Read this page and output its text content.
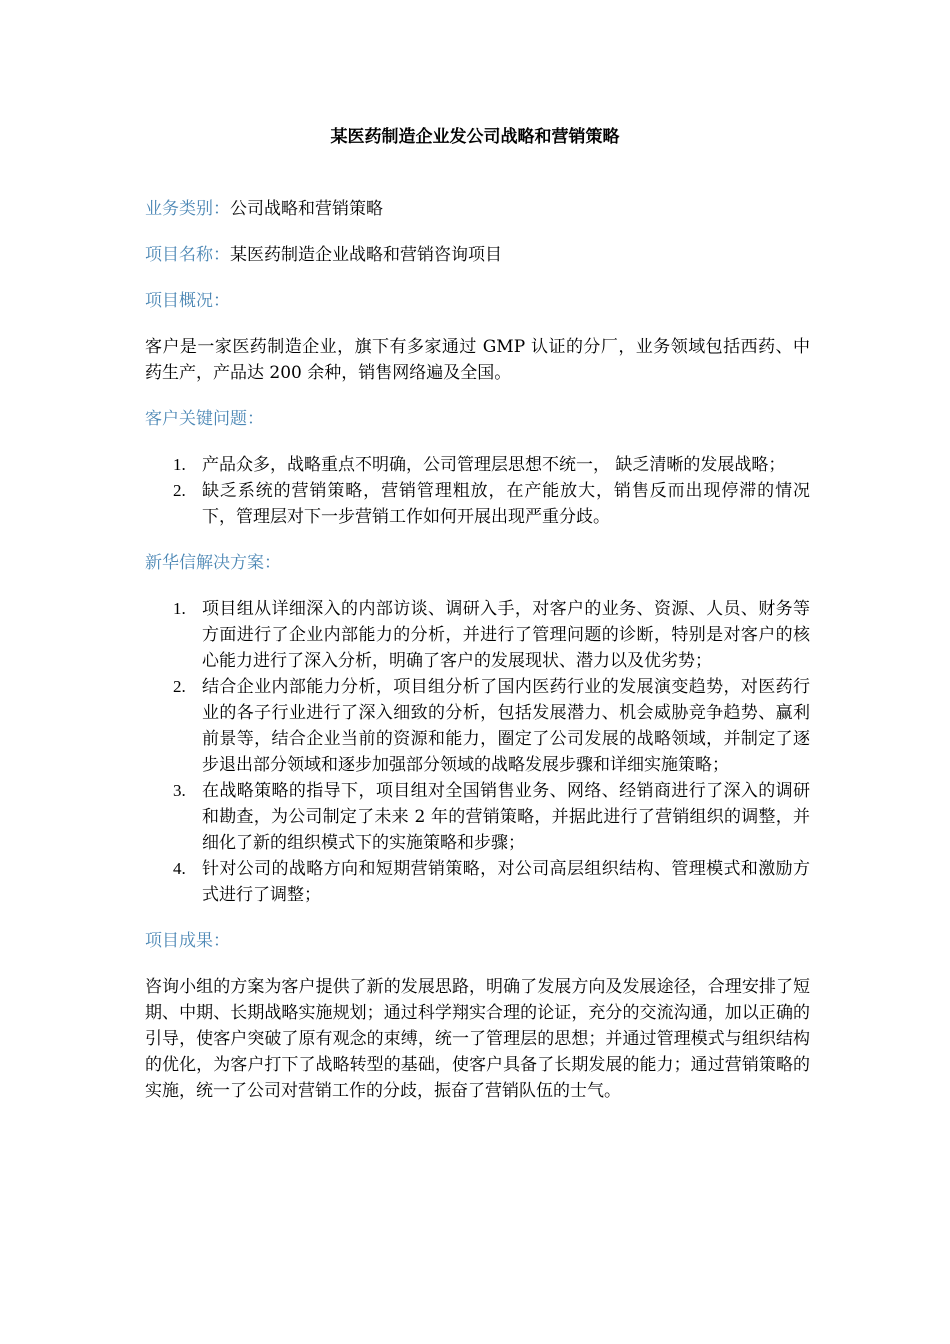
某医药制造企业发公司战略和营销策略

业务类别：公司战略和营销策略

项目名称：某医药制造企业战略和营销咨询项目

项目概况：

客户是一家医药制造企业，旗下有多家通过 GMP 认证的分厂，业务领域包括西药、中药生产，产品达 200 余种，销售网络遍及全国。

客户关键问题：

1. 产品众多，战略重点不明确，公司管理层思想不统一， 缺乏清晰的发展战略；
2. 缺乏系统的营销策略，营销管理粗放，在产能放大，销售反而出现停滞的情况下，管理层对下一步营销工作如何开展出现严重分歧。

新华信解决方案：

1. 项目组从详细深入的内部访谈、调研入手，对客户的业务、资源、人员、财务等方面进行了企业内部能力的分析，并进行了管理问题的诊断，特别是对客户的核心能力进行了深入分析，明确了客户的发展现状、潜力以及优劣势；
2. 结合企业内部能力分析，项目组分析了国内医药行业的发展演变趋势，对医药行业的各子行业进行了深入细致的分析，包括发展潜力、机会威胁竞争趋势、赢利前景等，结合企业当前的资源和能力，圈定了公司发展的战略领域，并制定了逐步退出部分领域和逐步加强部分领域的战略发展步骤和详细实施策略；
3. 在战略策略的指导下，项目组对全国销售业务、网络、经销商进行了深入的调研和勘查，为公司制定了未来 2 年的营销策略，并据此进行了营销组织的调整，并细化了新的组织模式下的实施策略和步骤；
4. 针对公司的战略方向和短期营销策略，对公司高层组织结构、管理模式和激励方式进行了调整；

项目成果：

咨询小组的方案为客户提供了新的发展思路，明确了发展方向及发展途径，合理安排了短期、中期、长期战略实施规划；通过科学翔实合理的论证，充分的交流沟通，加以正确的引导，使客户突破了原有观念的束缚，统一了管理层的思想；并通过管理模式与组织结构的优化，为客户打下了战略转型的基础，使客户具备了长期发展的能力；通过营销策略的实施，统一了公司对营销工作的分歧，振奋了营销队伍的士气。
